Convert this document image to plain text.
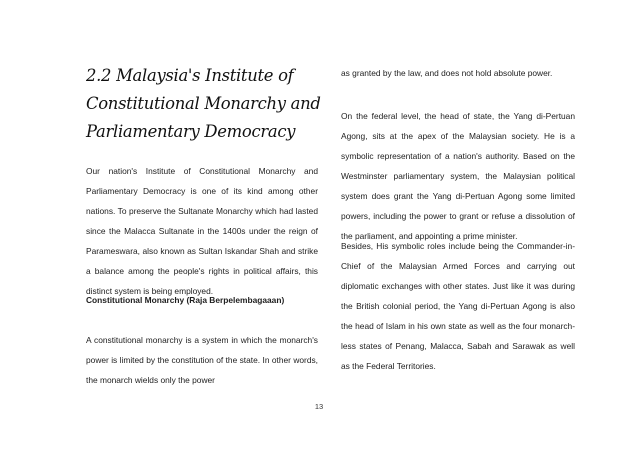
2.2 Malaysia's Institute of
Constitutional Monarchy and
Parliamentary Democracy

Our nation's Institute of Constitutional Monarchy and Parliamentary Democracy is one of its kind among other nations. To preserve the Sultanate Monarchy which had lasted since the Malacca Sultanate in the 1400s under the reign of Parameswara, also known as Sultan Iskandar Shah and strike a balance among the people's rights in political affairs, this distinct system is being employed.

Constitutional Monarchy (Raja Berpelembagaaan)

A constitutional monarchy is a system in which the monarch's power is limited by the constitution of the state. In other words, the monarch wields only the power

as granted by the law, and does not hold absolute power.

On the federal level, the head of state, the Yang di-Pertuan Agong, sits at the apex of the Malaysian society. He is a symbolic representation of a nation's authority. Based on the Westminster parliamentary system, the Malaysian political system does grant the Yang di-Pertuan Agong some limited powers, including the power to grant or refuse a dissolution of the parliament, and appointing a prime minister.

Besides, His symbolic roles include being the Commander-in-Chief of the Malaysian Armed Forces and carrying out diplomatic exchanges with other states. Just like it was during the British colonial period, the Yang di-Pertuan Agong is also the head of Islam in his own state as well as the four monarch-less states of Penang, Malacca, Sabah and Sarawak as well as the Federal Territories.

13
